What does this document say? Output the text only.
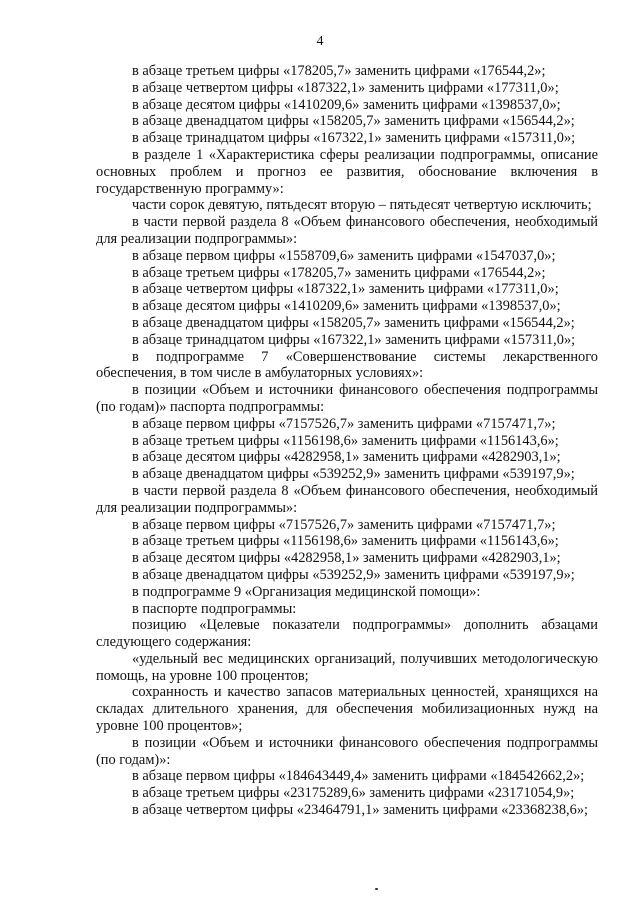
4

в абзаце третьем цифры «178205,7» заменить цифрами «176544,2»;

в абзаце четвертом цифры «187322,1» заменить цифрами «177311,0»;

в абзаце десятом цифры «1410209,6» заменить цифрами «1398537,0»;

в абзаце двенадцатом цифры «158205,7» заменить цифрами «156544,2»;

в абзаце тринадцатом цифры «167322,1» заменить цифрами «157311,0»;

в разделе 1 «Характеристика сферы реализации подпрограммы, описание основных проблем и прогноз ее развития, обоснование включения в государственную программу»:

части сорок девятую, пятьдесят вторую – пятьдесят четвертую исключить;

в части первой раздела 8 «Объем финансового обеспечения, необходимый для реализации подпрограммы»:

в абзаце первом цифры «1558709,6» заменить цифрами «1547037,0»;

в абзаце третьем цифры «178205,7» заменить цифрами «176544,2»;

в абзаце четвертом цифры «187322,1» заменить цифрами «177311,0»;

в абзаце десятом цифры «1410209,6» заменить цифрами «1398537,0»;

в абзаце двенадцатом цифры «158205,7» заменить цифрами «156544,2»;

в абзаце тринадцатом цифры «167322,1» заменить цифрами «157311,0»;

в подпрограмме 7 «Совершенствование системы лекарственного обеспечения, в том числе в амбулаторных условиях»:

в позиции «Объем и источники финансового обеспечения подпрограммы (по годам)» паспорта подпрограммы:

в абзаце первом цифры «7157526,7» заменить цифрами «7157471,7»;

в абзаце третьем цифры «1156198,6» заменить цифрами «1156143,6»;

в абзаце десятом цифры «4282958,1» заменить цифрами «4282903,1»;

в абзаце двенадцатом цифры «539252,9» заменить цифрами «539197,9»;

в части первой раздела 8 «Объем финансового обеспечения, необходимый для реализации подпрограммы»:

в абзаце первом цифры «7157526,7» заменить цифрами «7157471,7»;

в абзаце третьем цифры «1156198,6» заменить цифрами «1156143,6»;

в абзаце десятом цифры «4282958,1» заменить цифрами «4282903,1»;

в абзаце двенадцатом цифры «539252,9» заменить цифрами «539197,9»;

в подпрограмме 9 «Организация медицинской помощи»:

в паспорте подпрограммы:

позицию «Целевые показатели подпрограммы» дополнить абзацами следующего содержания:

«удельный вес медицинских организаций, получивших методологическую помощь, на уровне 100 процентов;

сохранность и качество запасов материальных ценностей, хранящихся на складах длительного хранения, для обеспечения мобилизационных нужд на уровне 100 процентов»;

в позиции «Объем и источники финансового обеспечения подпрограммы (по годам)»:

в абзаце первом цифры «184643449,4» заменить цифрами «184542662,2»;

в абзаце третьем цифры «23175289,6» заменить цифрами «23171054,9»;

в абзаце четвертом цифры «23464791,1» заменить цифрами «23368238,6»;
